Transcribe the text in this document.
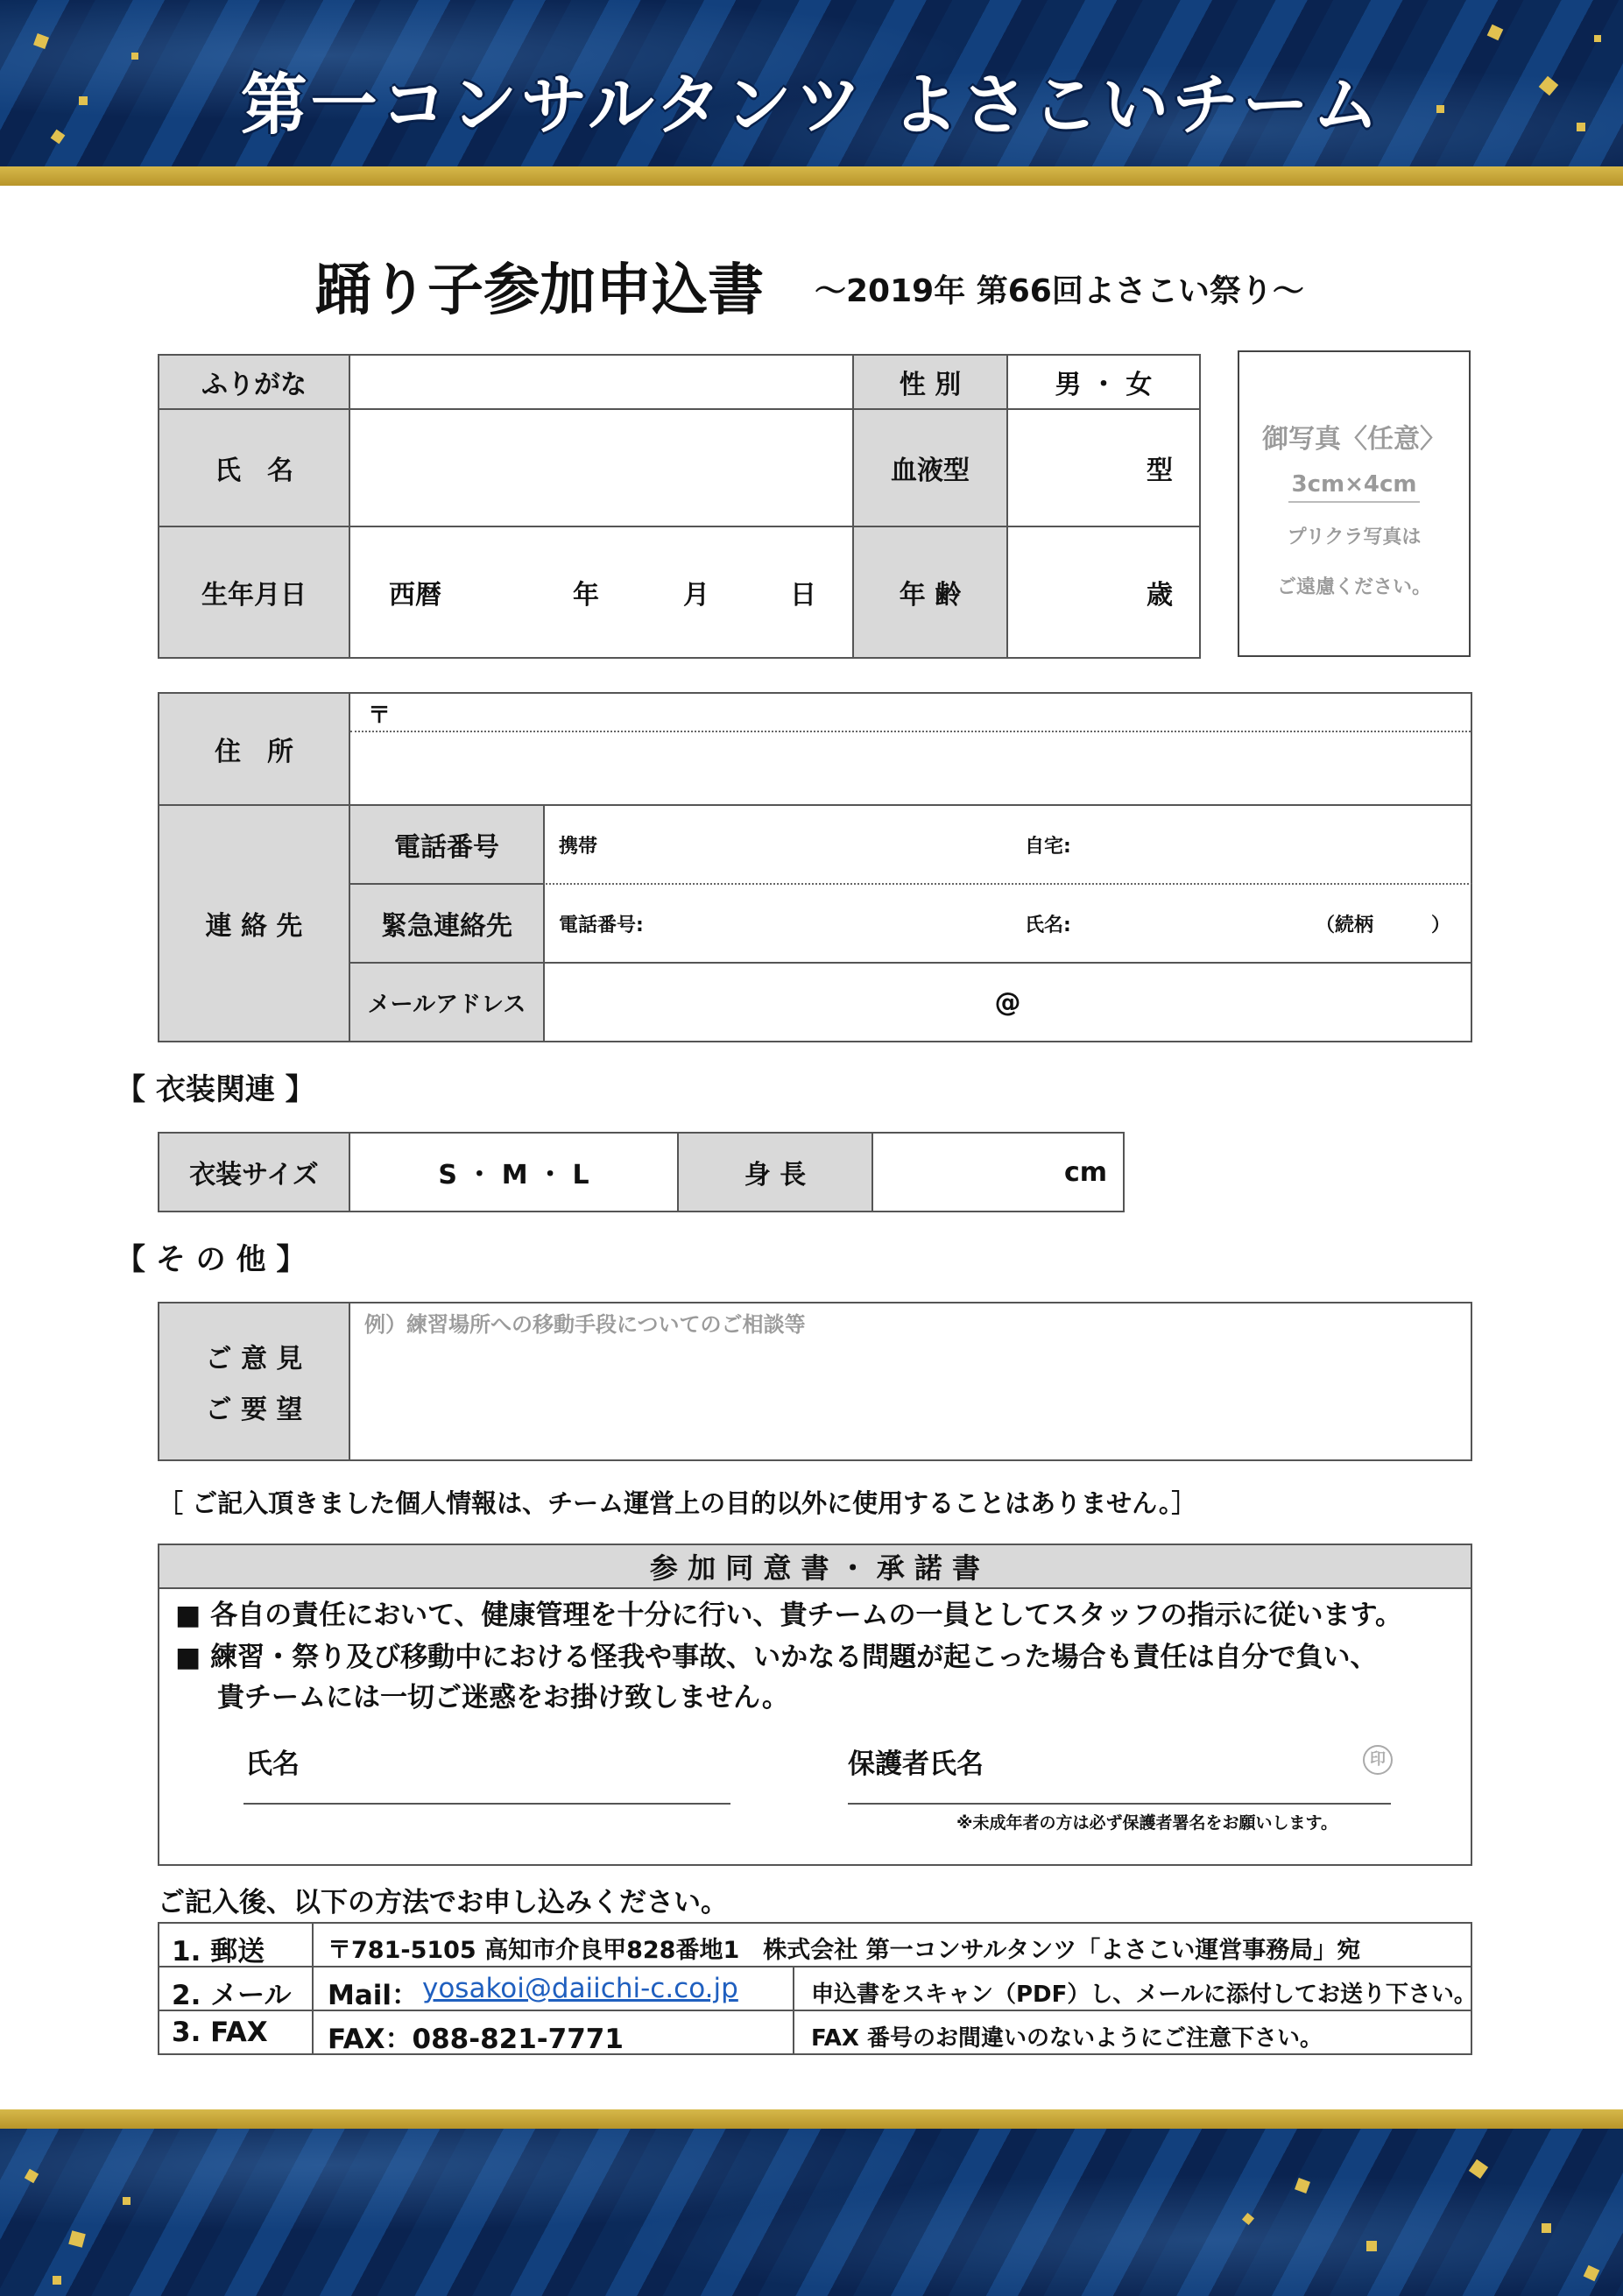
第一コンサルタンツ よさこいチーム
踊り子参加申込書 ～2019年 第66回よさこい祭り～
ふりがな	性 別	男 ・ 女
氏　名	血液型	型
生年月日	西暦	年	月	日	年 齢	歳
御写真〈任意〉
3cm×4cm
プリクラ写真は
ご遠慮ください。
住　所
〒
連 絡 先
電話番号	携帯	自宅:
緊急連絡先	電話番号:	氏名:	（続柄　　　）
メールアドレス	@
【 衣装関連 】
衣装サイズ	S ・ M ・ L	身 長	cm
【 そ の 他 】
ご 意 見
ご 要 望
例）練習場所への移動手段についてのご相談等
［ ご記入頂きました個人情報は、チーム運営上の目的以外に使用することはありません。］
参 加 同 意 書 ・ 承 諾 書
■ 各自の責任において、健康管理を十分に行い、貴チームの一員としてスタッフの指示に従います。
■ 練習・祭り及び移動中における怪我や事故、いかなる問題が起こった場合も責任は自分で負い、
貴チームには一切ご迷惑をお掛け致しません。
氏名	保護者氏名	印
※未成年者の方は必ず保護者署名をお願いします。
ご記入後、以下の方法でお申し込みください。
1. 郵送	〒781-5105 高知市介良甲828番地1　株式会社 第一コンサルタンツ「よさこい運営事務局」宛
2. メール Mail： yosakoi@daiichi-c.co.jp	申込書をスキャン（PDF）し、メールに添付してお送り下さい。
3. FAX FAX：088-821-7771	FAX 番号のお間違いのないようにご注意下さい。
